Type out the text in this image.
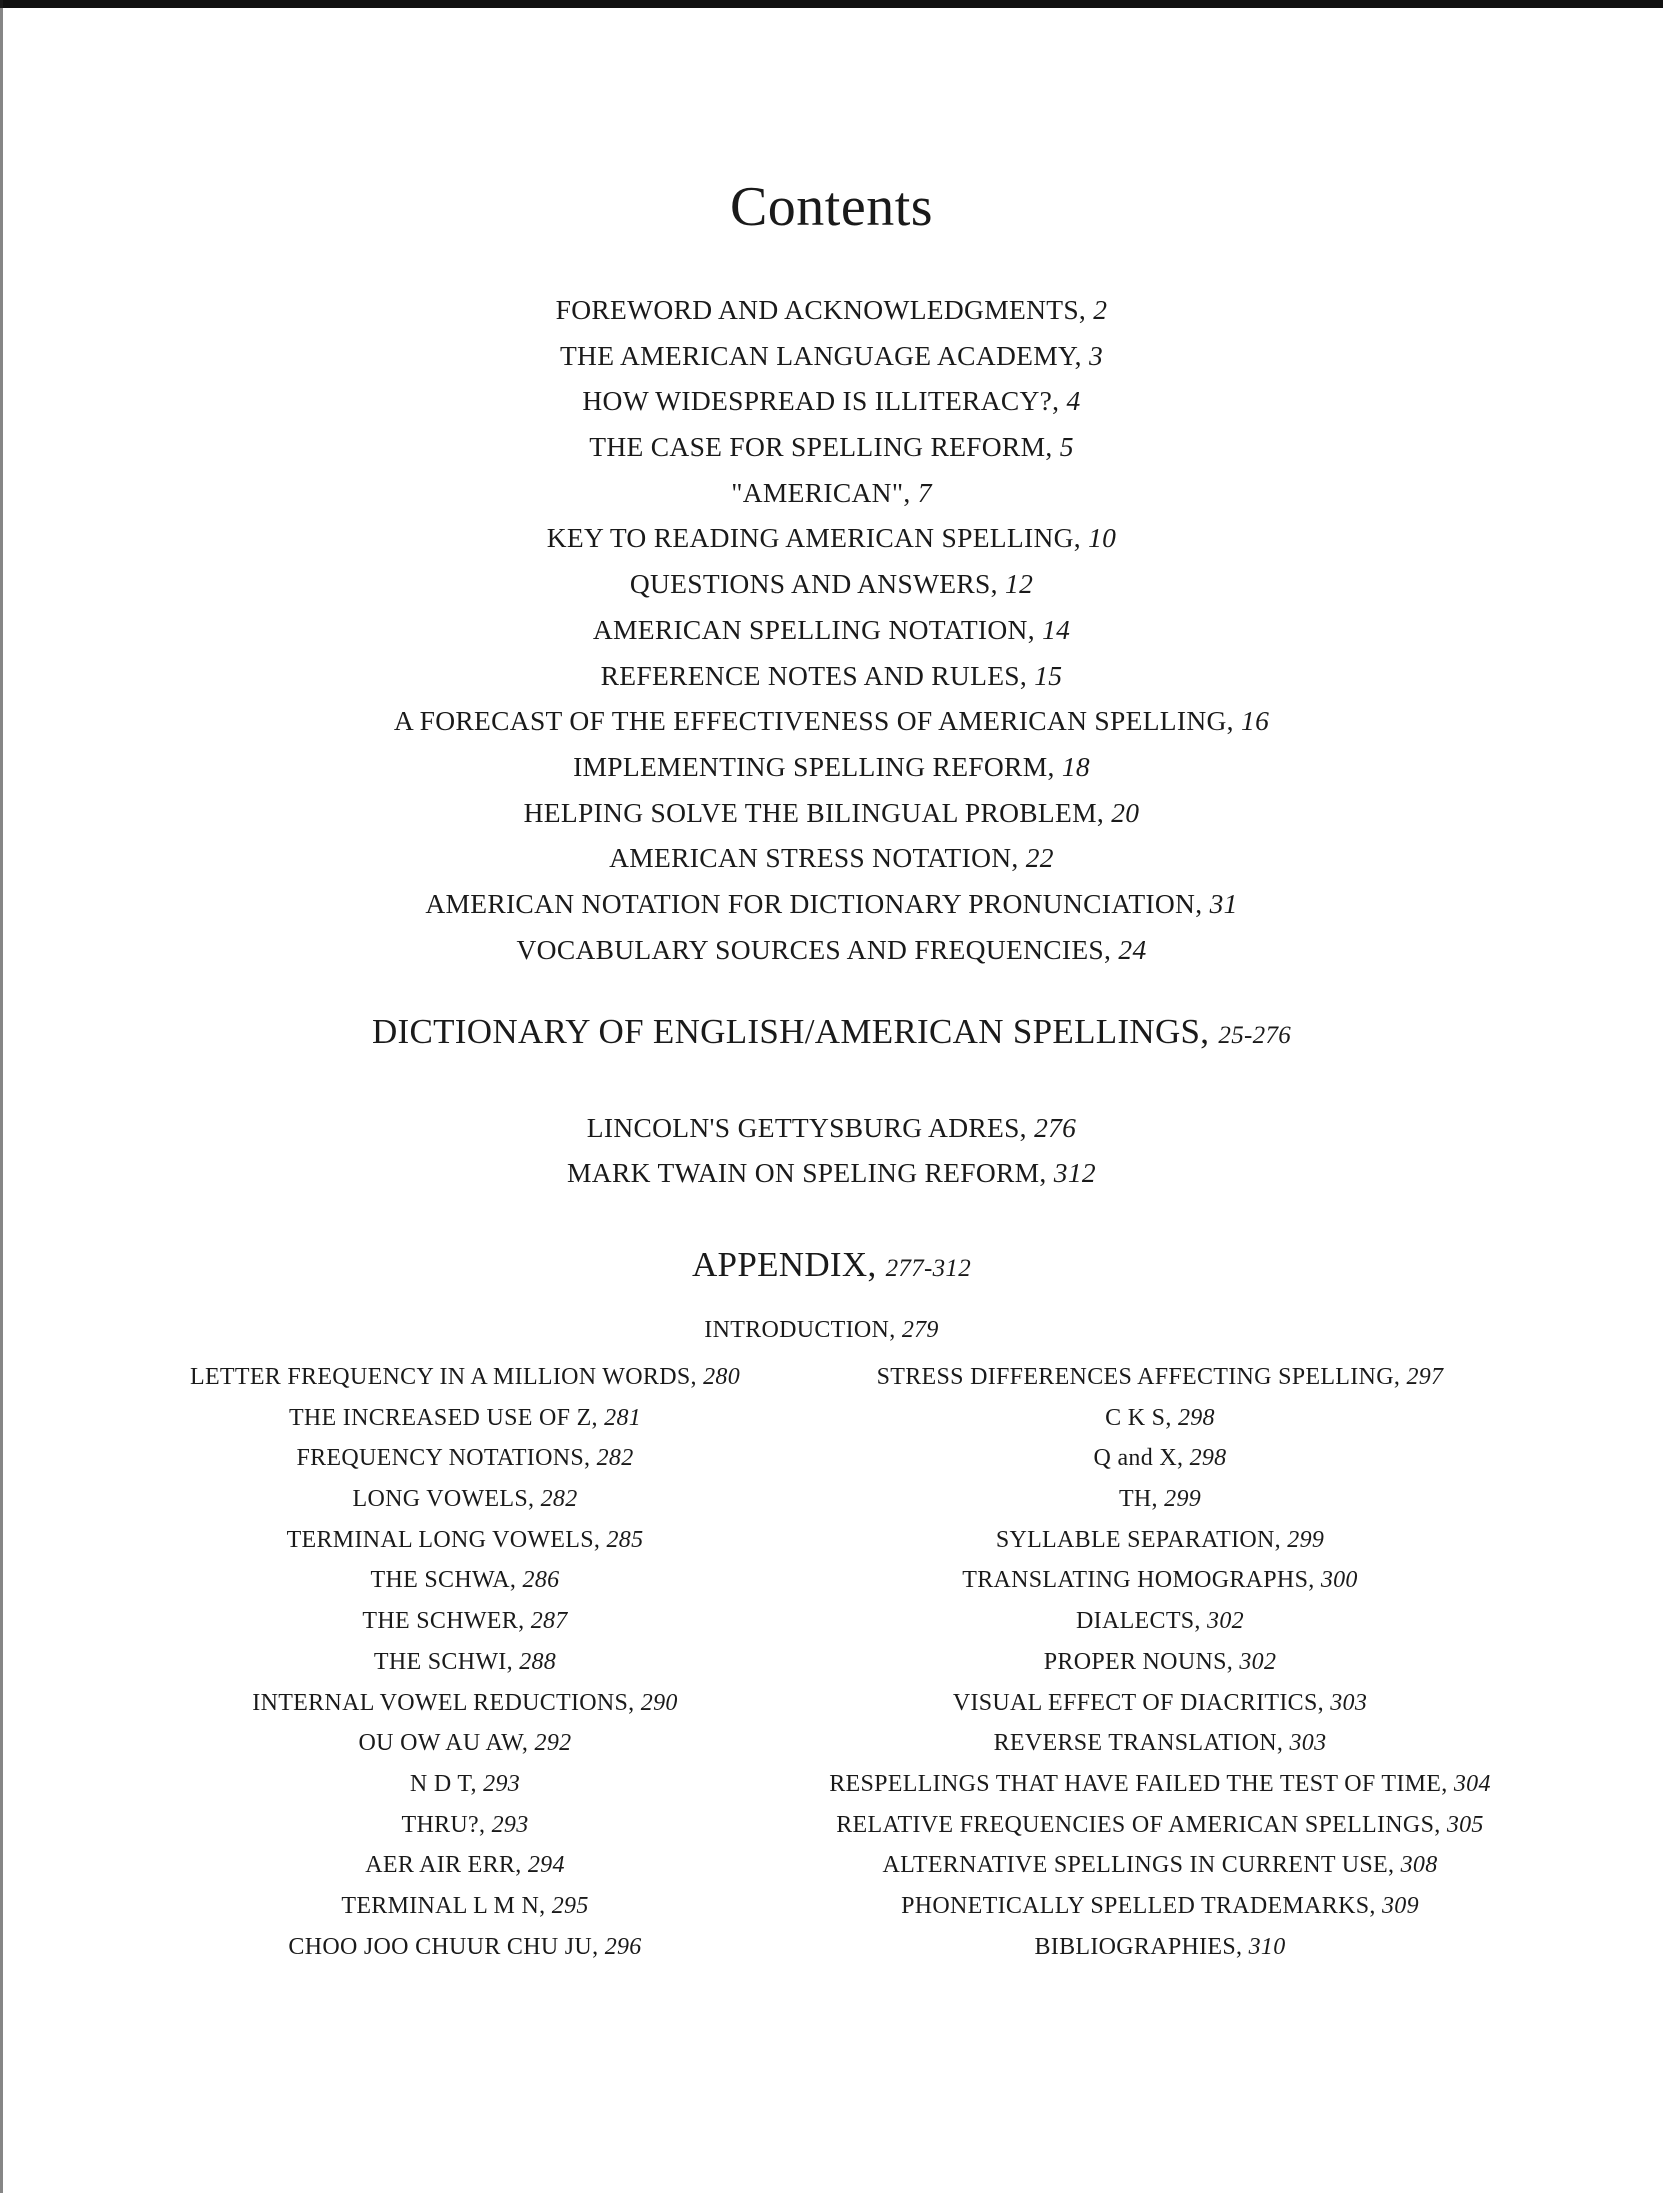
Contents
FOREWORD AND ACKNOWLEDGMENTS, 2
THE AMERICAN LANGUAGE ACADEMY, 3
HOW WIDESPREAD IS ILLITERACY?, 4
THE CASE FOR SPELLING REFORM, 5
"AMERICAN", 7
KEY TO READING AMERICAN SPELLING, 10
QUESTIONS AND ANSWERS, 12
AMERICAN SPELLING NOTATION, 14
REFERENCE NOTES AND RULES, 15
A FORECAST OF THE EFFECTIVENESS OF AMERICAN SPELLING, 16
IMPLEMENTING SPELLING REFORM, 18
HELPING SOLVE THE BILINGUAL PROBLEM, 20
AMERICAN STRESS NOTATION, 22
AMERICAN NOTATION FOR DICTIONARY PRONUNCIATION, 31
VOCABULARY SOURCES AND FREQUENCIES, 24
DICTIONARY OF ENGLISH/AMERICAN SPELLINGS, 25-276
LINCOLN'S GETTYSBURG ADRES, 276
MARK TWAIN ON SPELING REFORM, 312
APPENDIX, 277-312
INTRODUCTION, 279
LETTER FREQUENCY IN A MILLION WORDS, 280
THE INCREASED USE OF Z, 281
FREQUENCY NOTATIONS, 282
LONG VOWELS, 282
TERMINAL LONG VOWELS, 285
THE SCHWA, 286
THE SCHWER, 287
THE SCHWI, 288
INTERNAL VOWEL REDUCTIONS, 290
OU OW AU AW, 292
N D T, 293
THRU?, 293
AER AIR ERR, 294
TERMINAL L M N, 295
CHOO JOO CHUUR CHU JU, 296
STRESS DIFFERENCES AFFECTING SPELLING, 297
C K S, 298
Q and X, 298
TH, 299
SYLLABLE SEPARATION, 299
TRANSLATING HOMOGRAPHS, 300
DIALECTS, 302
PROPER NOUNS, 302
VISUAL EFFECT OF DIACRITICS, 303
REVERSE TRANSLATION, 303
RESPELLINGS THAT HAVE FAILED THE TEST OF TIME, 304
RELATIVE FREQUENCIES OF AMERICAN SPELLINGS, 305
ALTERNATIVE SPELLINGS IN CURRENT USE, 308
PHONETICALLY SPELLED TRADEMARKS, 309
BIBLIOGRAPHIES, 310
